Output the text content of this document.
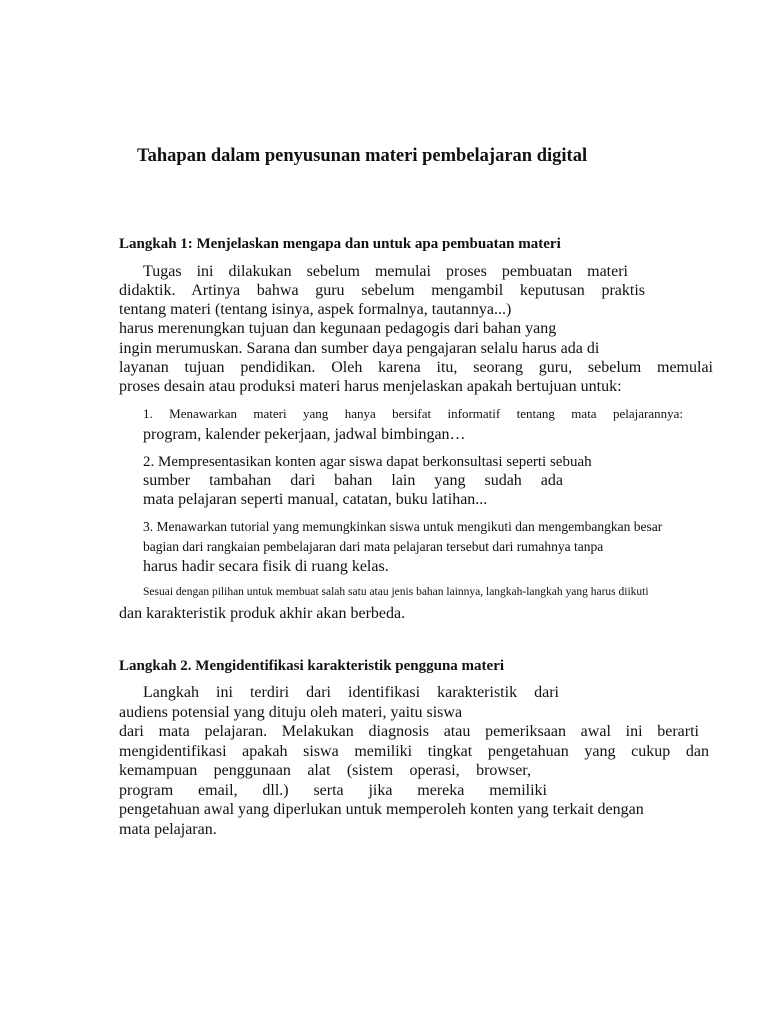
Tahapan dalam penyusunan materi pembelajaran digital
Langkah 1: Menjelaskan mengapa dan untuk apa pembuatan materi
Tugas ini dilakukan sebelum memulai proses pembuatan materi
didaktik. Artinya bahwa guru sebelum mengambil keputusan praktis
tentang materi (tentang isinya, aspek formalnya, tautannya...)
harus merenungkan tujuan dan kegunaan pedagogis dari bahan yang
ingin merumuskan. Sarana dan sumber daya pengajaran selalu harus ada di
layanan tujuan pendidikan. Oleh karena itu, seorang guru, sebelum memulai
proses desain atau produksi materi harus menjelaskan apakah bertujuan untuk:
1. Menawarkan materi yang hanya bersifat informatif tentang mata pelajarannya:
program, kalender pekerjaan, jadwal bimbingan…
2. Mempresentasikan konten agar siswa dapat berkonsultasi seperti sebuah
sumber tambahan dari bahan lain yang sudah ada
mata pelajaran seperti manual, catatan, buku latihan...
3. Menawarkan tutorial yang memungkinkan siswa untuk mengikuti dan mengembangkan besar
bagian dari rangkaian pembelajaran dari mata pelajaran tersebut dari rumahnya tanpa
harus hadir secara fisik di ruang kelas.
Sesuai dengan pilihan untuk membuat salah satu atau jenis bahan lainnya, langkah-langkah yang harus diikuti
dan karakteristik produk akhir akan berbeda.
Langkah 2. Mengidentifikasi karakteristik pengguna materi
Langkah ini terdiri dari identifikasi karakteristik dari
audiens potensial yang dituju oleh materi, yaitu siswa
dari mata pelajaran. Melakukan diagnosis atau pemeriksaan awal ini berarti
mengidentifikasi apakah siswa memiliki tingkat pengetahuan yang cukup dan
kemampuan penggunaan alat (sistem operasi, browser,
program email, dll.) serta jika mereka memiliki
pengetahuan awal yang diperlukan untuk memperoleh konten yang terkait dengan
mata pelajaran.
